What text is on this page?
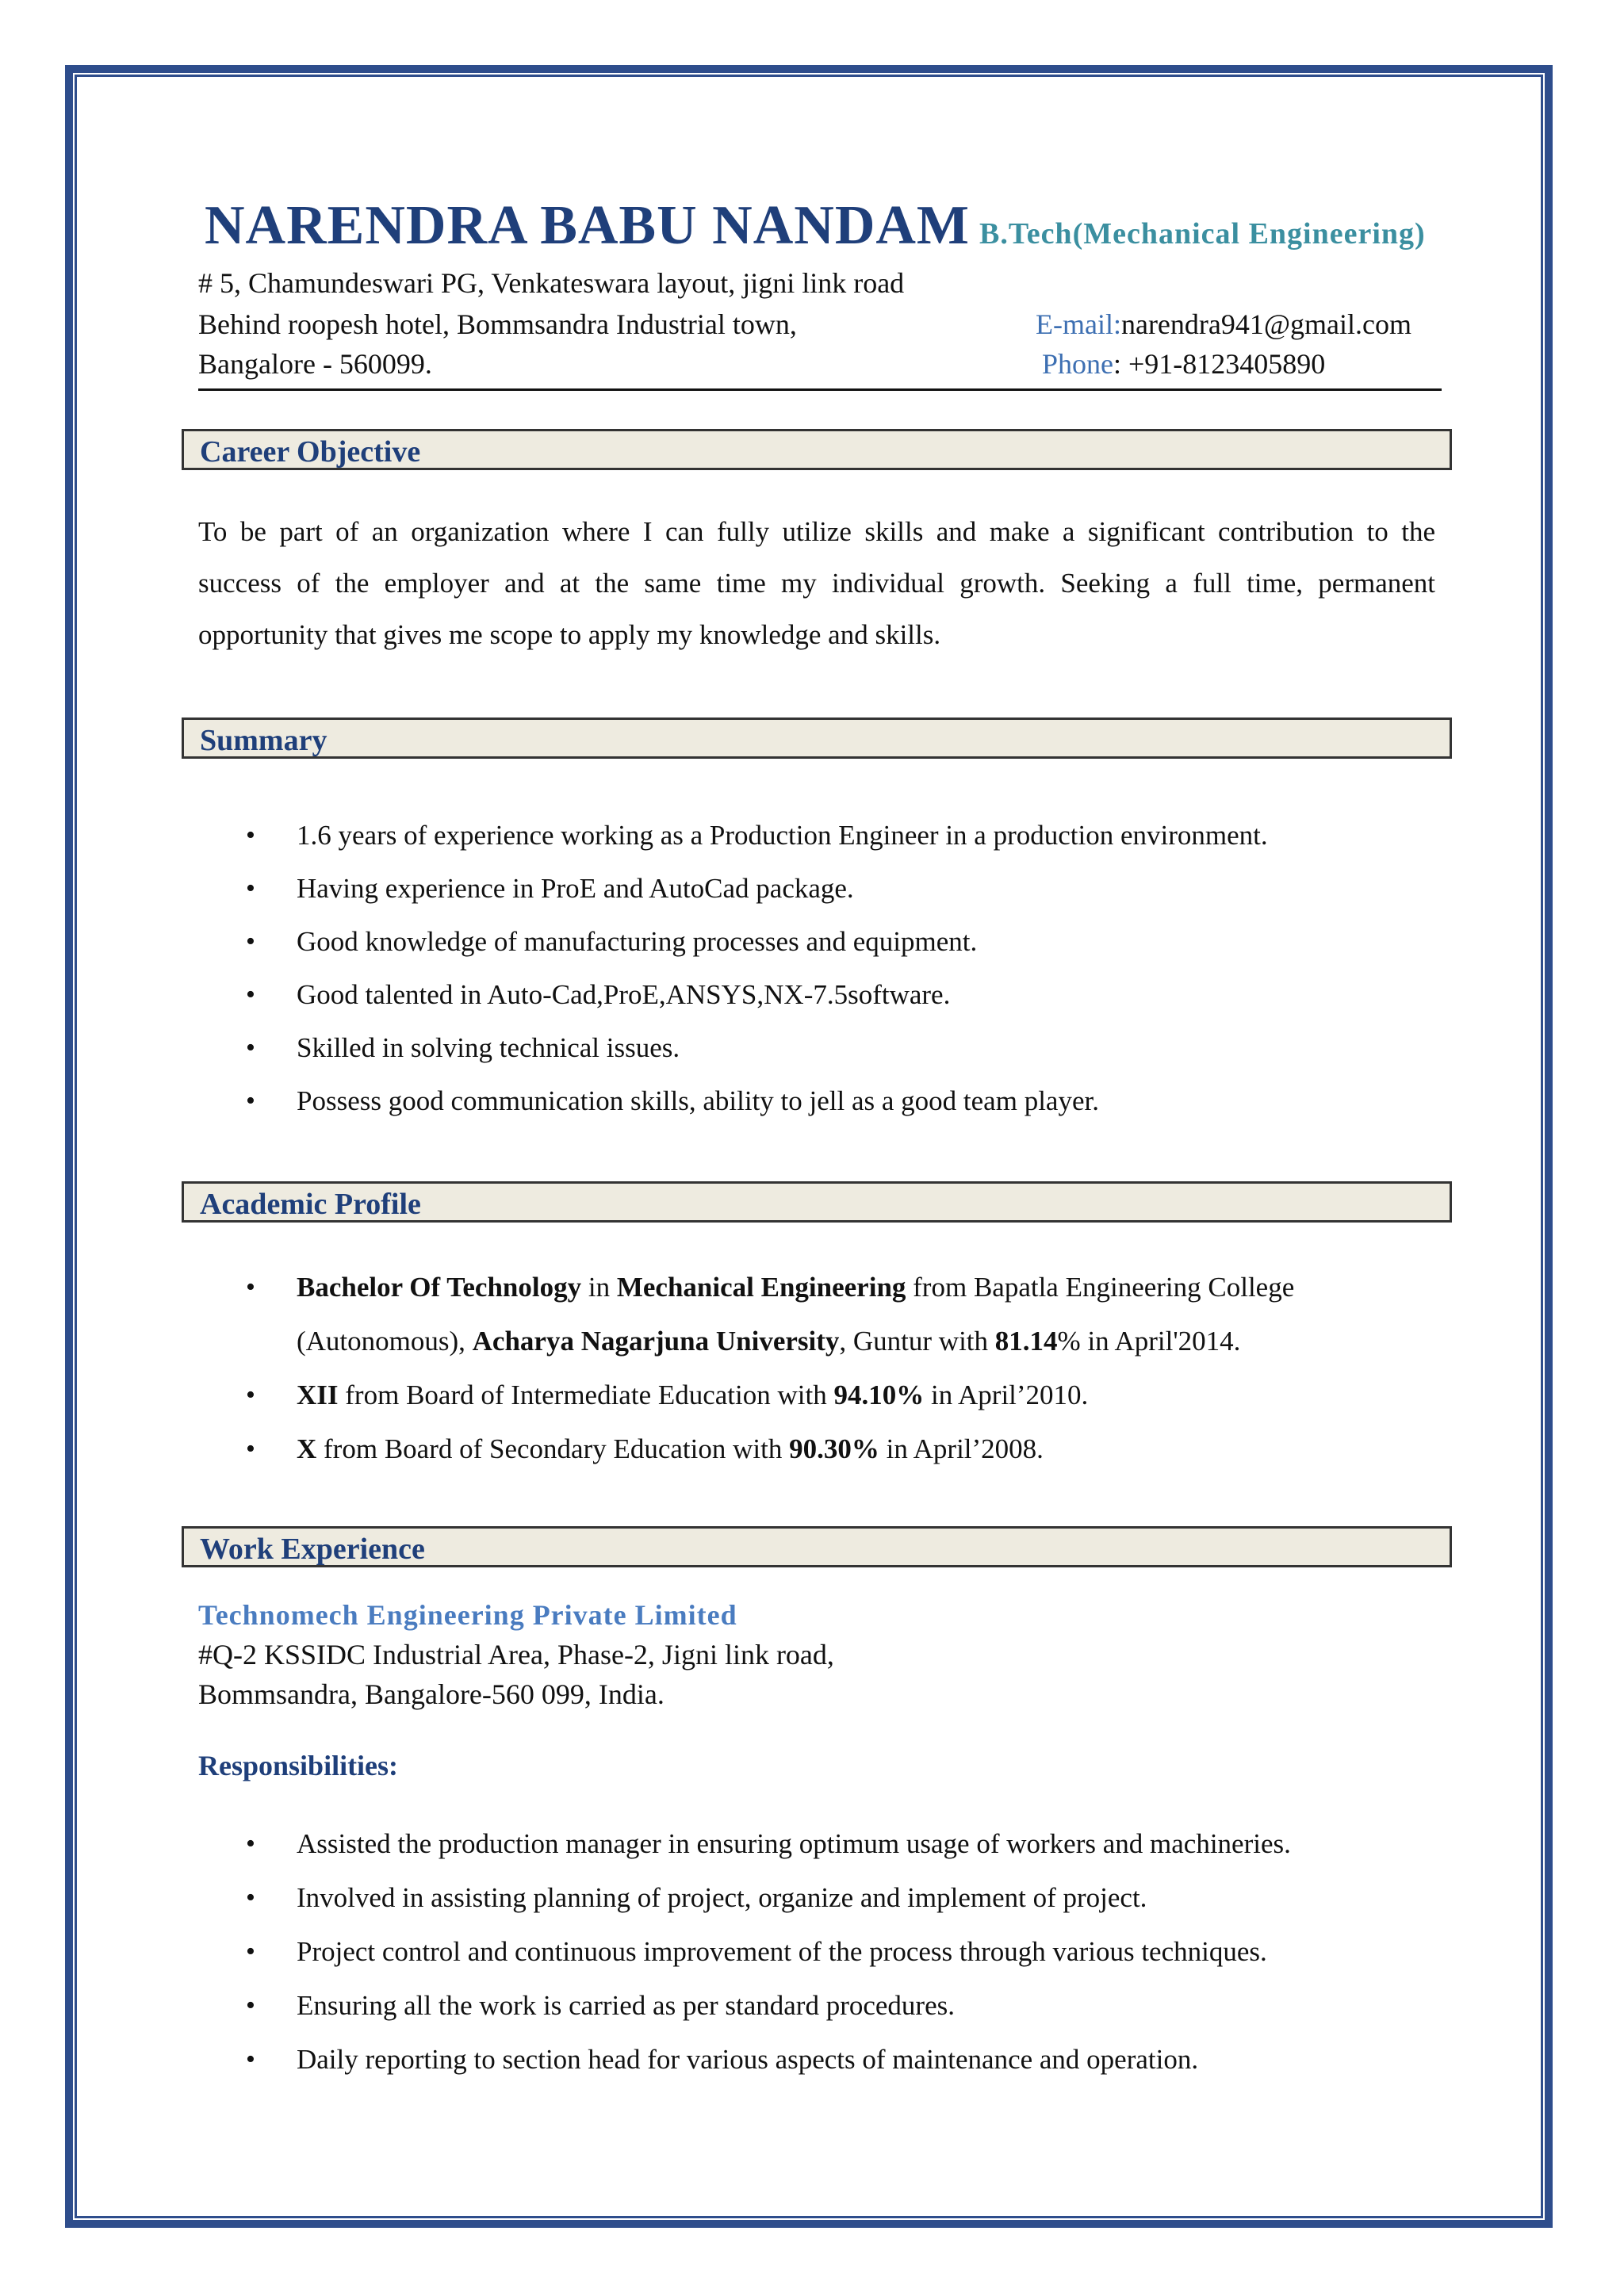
NARENDRA BABU NANDAM B.Tech(Mechanical Engineering)
# 5, Chamundeswari PG, Venkateswara layout, jigni link road
Behind roopesh hotel, Bommsandra Industrial town,
Bangalore - 560099.
E-mail:narendra941@gmail.com
Phone: +91-8123405890
Career Objective
To be part of an organization where I can fully utilize skills and make a significant contribution to the
success of the employer and at the same time my individual growth. Seeking a full time, permanent
opportunity that gives me scope to apply my knowledge and skills.
Summary
• 1.6 years of experience working as a Production Engineer in a production environment.
• Having experience in ProE and AutoCad package.
• Good knowledge of manufacturing processes and equipment.
• Good talented in Auto-Cad,ProE,ANSYS,NX-7.5software.
• Skilled in solving technical issues.
• Possess good communication skills, ability to jell as a good team player.
Academic Profile
• Bachelor Of Technology in Mechanical Engineering from Bapatla Engineering College
(Autonomous), Acharya Nagarjuna University, Guntur with 81.14% in April'2014.
• XII from Board of Intermediate Education with 94.10% in April’2010.
• X from Board of Secondary Education with 90.30% in April’2008.
Work Experience
Technomech Engineering Private Limited
#Q-2 KSSIDC Industrial Area, Phase-2, Jigni link road,
Bommsandra, Bangalore-560 099, India.
Responsibilities:
• Assisted the production manager in ensuring optimum usage of workers and machineries.
• Involved in assisting planning of project, organize and implement of project.
• Project control and continuous improvement of the process through various techniques.
• Ensuring all the work is carried as per standard procedures.
• Daily reporting to section head for various aspects of maintenance and operation.
